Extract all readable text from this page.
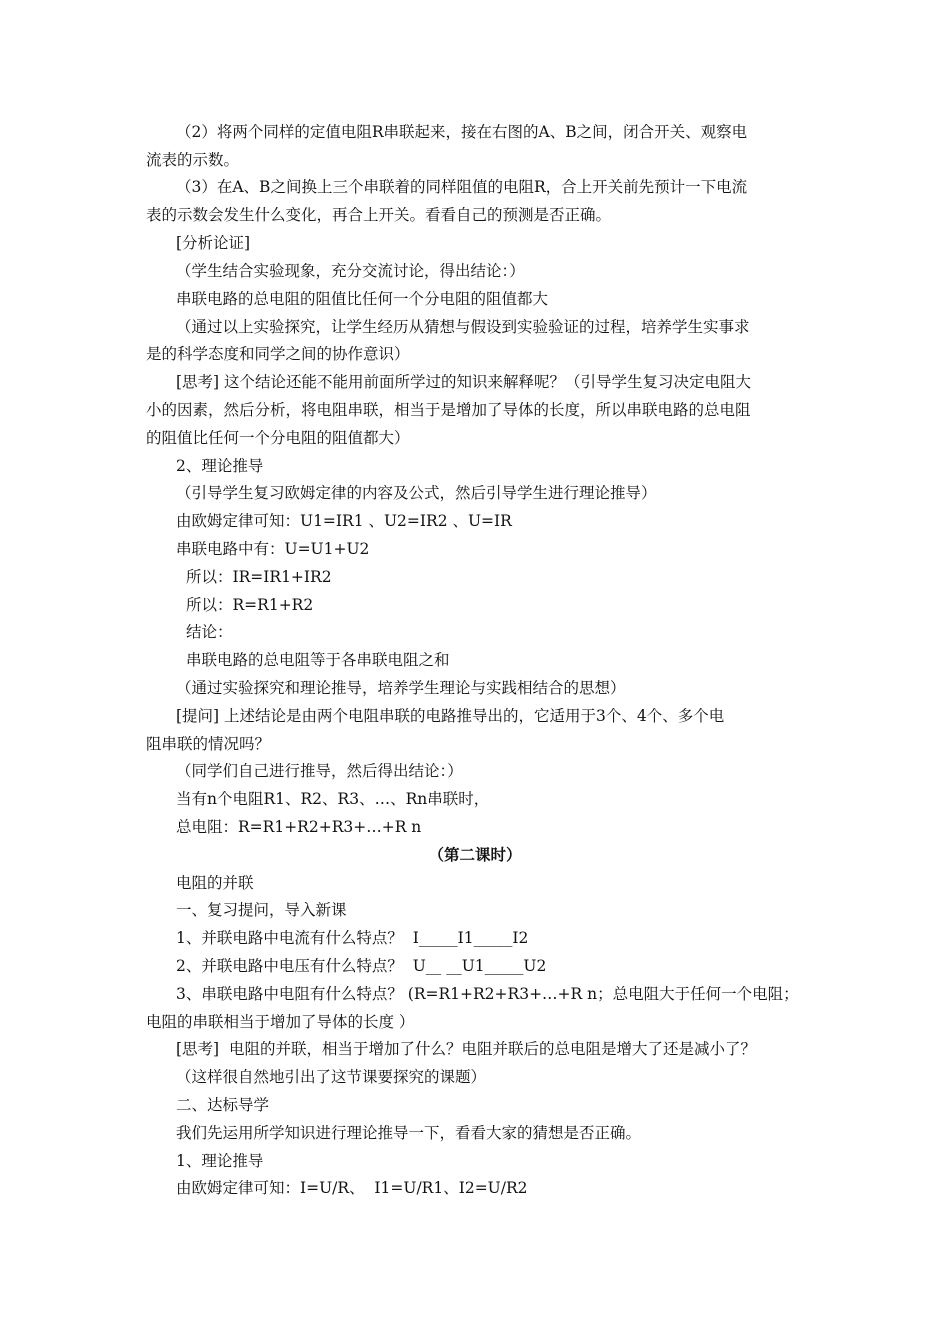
（2）将两个同样的定值电阻R串联起来，接在右图的A、B之间，闭合开关、观察电
流表的示数。
（3）在A、B之间换上三个串联着的同样阻值的电阻R，合上开关前先预计一下电流
表的示数会发生什么变化，再合上开关。看看自己的预测是否正确。
[分析论证]
（学生结合实验现象，充分交流讨论，得出结论：）
串联电路的总电阻的阻值比任何一个分电阻的阻值都大
（通过以上实验探究，让学生经历从猜想与假设到实验验证的过程，培养学生实事求
是的科学态度和同学之间的协作意识）
[思考] 这个结论还能不能用前面所学过的知识来解释呢？（引导学生复习决定电阻大
小的因素，然后分析，将电阻串联，相当于是增加了导体的长度，所以串联电路的总电阻
的阻值比任何一个分电阻的阻值都大）
2、理论推导
（引导学生复习欧姆定律的内容及公式，然后引导学生进行理论推导）
由欧姆定律可知：U1=IR1 、U2=IR2 、U=IR
串联电路中有：U=U1+U2
所以：IR=IR1+IR2
所以：R=R1+R2
结论：
串联电路的总电阻等于各串联电阻之和
（通过实验探究和理论推导，培养学生理论与实践相结合的思想）
[提问] 上述结论是由两个电阻串联的电路推导出的，它适用于3个、4个、多个电
阻串联的情况吗？
（同学们自己进行推导，然后得出结论：）
当有n个电阻R1、R2、R3、…、Rn串联时，
总电阻：R=R1+R2+R3+…+R n
（第二课时）
电阻的并联
一、复习提问，导入新课
1、并联电路中电流有什么特点？  I_____I1_____I2
2、并联电路中电压有什么特点？  U__ __U1_____U2
3、串联电路中电阻有什么特点？ (R=R1+R2+R3+…+R n；总电阻大于任何一个电阻；
电阻的串联相当于增加了导体的长度 ）
[思考]  电阻的并联，相当于增加了什么？电阻并联后的总电阻是增大了还是减小了？
（这样很自然地引出了这节课要探究的课题）
二、达标导学
我们先运用所学知识进行理论推导一下，看看大家的猜想是否正确。
1、理论推导
由欧姆定律可知：I=U/R、  I1=U/R1、I2=U/R2
